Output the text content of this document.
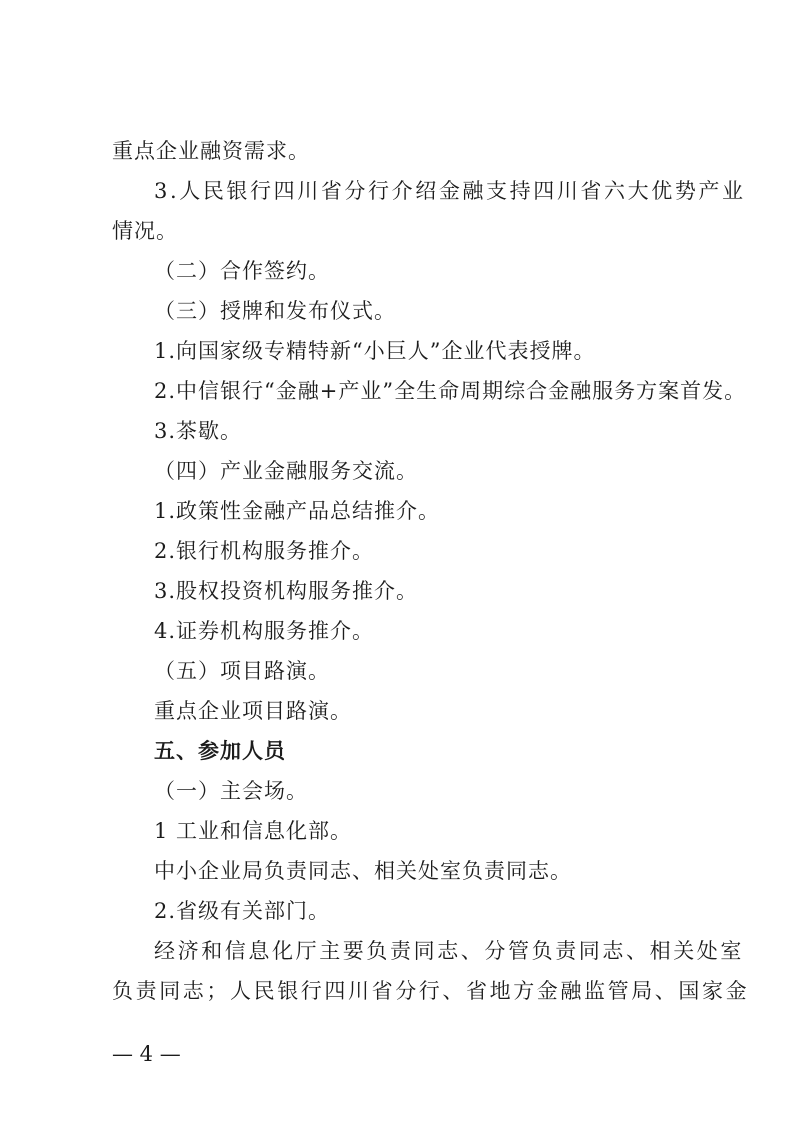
重点企业融资需求。
3.人民银行四川省分行介绍金融支持四川省六大优势产业
情况。
（二）合作签约。
（三）授牌和发布仪式。
1.向国家级专精特新“小巨人”企业代表授牌。
2.中信银行“金融+产业”全生命周期综合金融服务方案首发。
3.茶歇。
（四）产业金融服务交流。
1.政策性金融产品总结推介。
2.银行机构服务推介。
3.股权投资机构服务推介。
4.证券机构服务推介。
（五）项目路演。
重点企业项目路演。
五、参加人员
（一）主会场。
1 工业和信息化部。
中小企业局负责同志、相关处室负责同志。
2.省级有关部门。
经济和信息化厅主要负责同志、分管负责同志、相关处室
负责同志；人民银行四川省分行、省地方金融监管局、国家金
— 4 —
